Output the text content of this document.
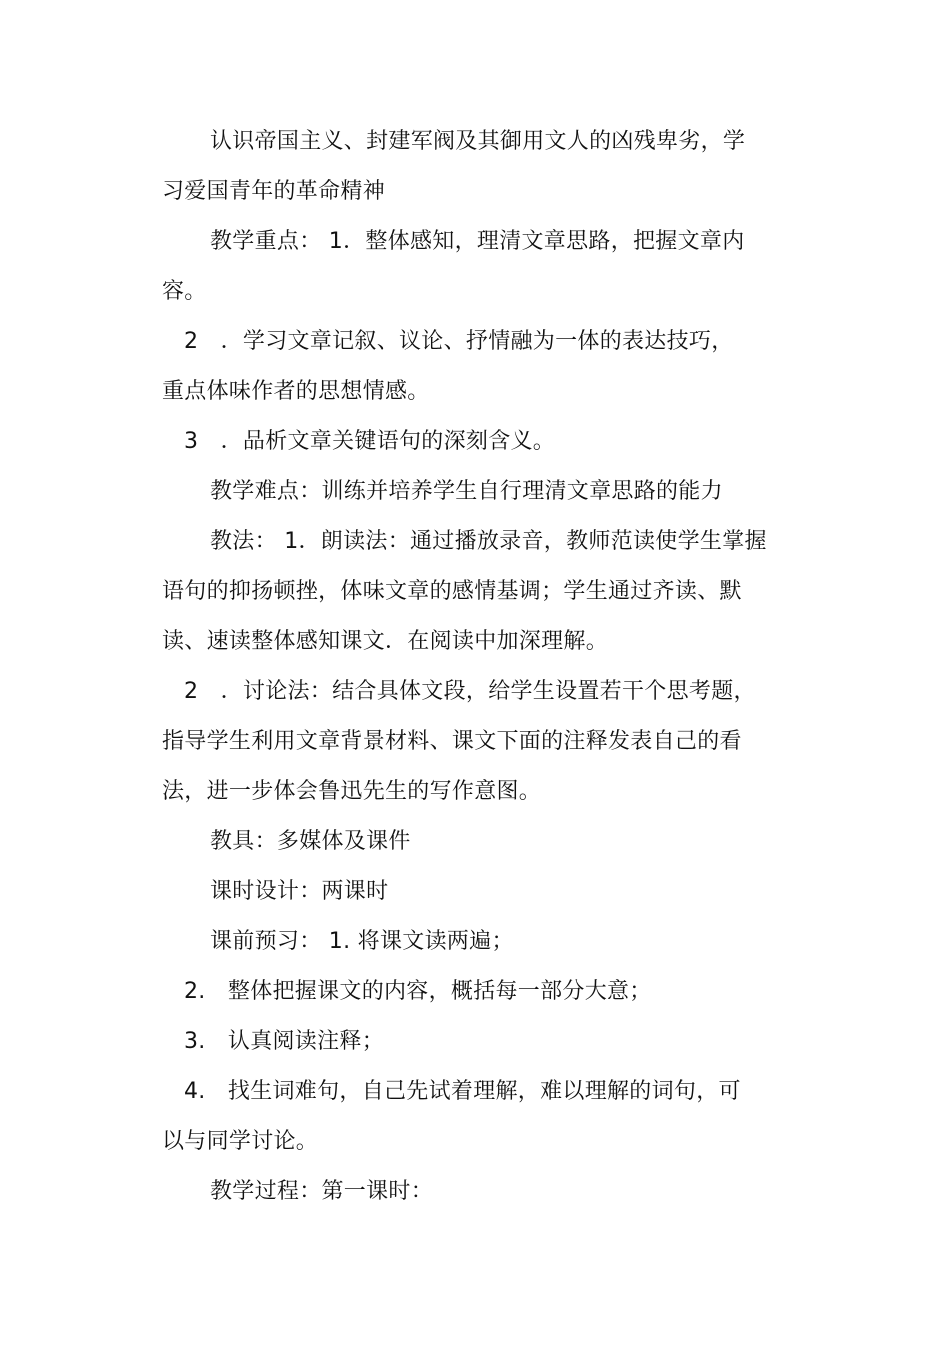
认识帝国主义、封建军阀及其御用文人的凶残卑劣，学
习爱国青年的革命精神
教学重点： 1．整体感知，理清文章思路，把握文章内
容。
2　．学习文章记叙、议论、抒情融为一体的表达技巧，
重点体味作者的思想情感。
3　．品析文章关键语句的深刻含义。
教学难点：训练并培养学生自行理清文章思路的能力
教法： 1．朗读法：通过播放录音，教师范读使学生掌握
语句的抑扬顿挫，体味文章的感情基调；学生通过齐读、默
读、速读整体感知课文．在阅读中加深理解。
2　．讨论法：结合具体文段，给学生设置若干个思考题，
指导学生利用文章背景材料、课文下面的注释发表自己的看
法，进一步体会鲁迅先生的写作意图。
教具：多媒体及课件
课时设计：两课时
课前预习： 1. 将课文读两遍；
2.　整体把握课文的内容，概括每一部分大意；
3.　认真阅读注释；
4.　找生词难句，自己先试着理解，难以理解的词句，可
以与同学讨论。
教学过程：第一课时：
